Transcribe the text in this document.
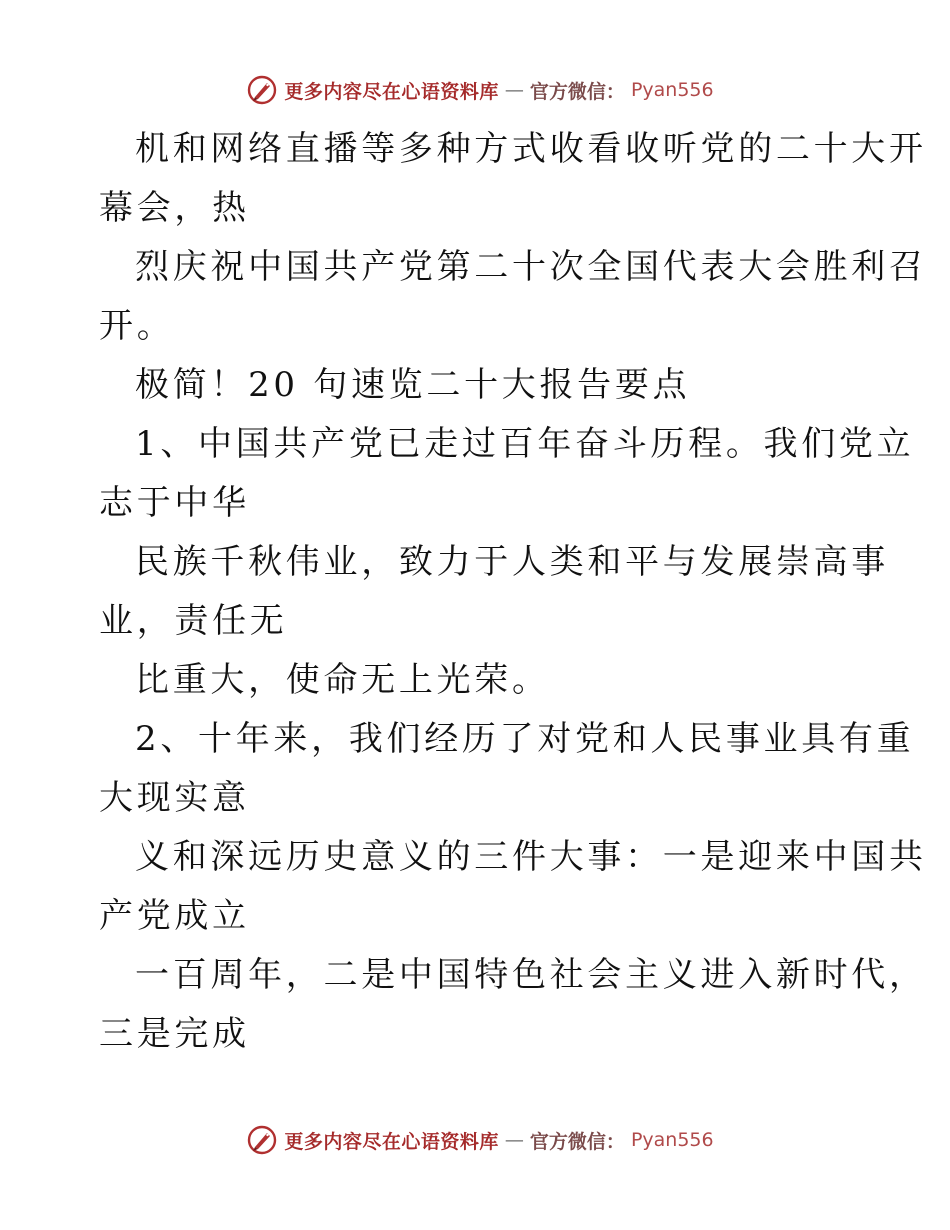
更多内容尽在心语资料库 — 官方微信： Pyan556
机和网络直播等多种方式收看收听党的二十大开
幕会，热
烈庆祝中国共产党第二十次全国代表大会胜利召
开。
极简！20 句速览二十大报告要点
1、中国共产党已走过百年奋斗历程。我们党立
志于中华
民族千秋伟业，致力于人类和平与发展崇高事
业，责任无
比重大，使命无上光荣。
2、十年来，我们经历了对党和人民事业具有重
大现实意
义和深远历史意义的三件大事：一是迎来中国共
产党成立
一百周年，二是中国特色社会主义进入新时代，
三是完成
更多内容尽在心语资料库 — 官方微信： Pyan556
